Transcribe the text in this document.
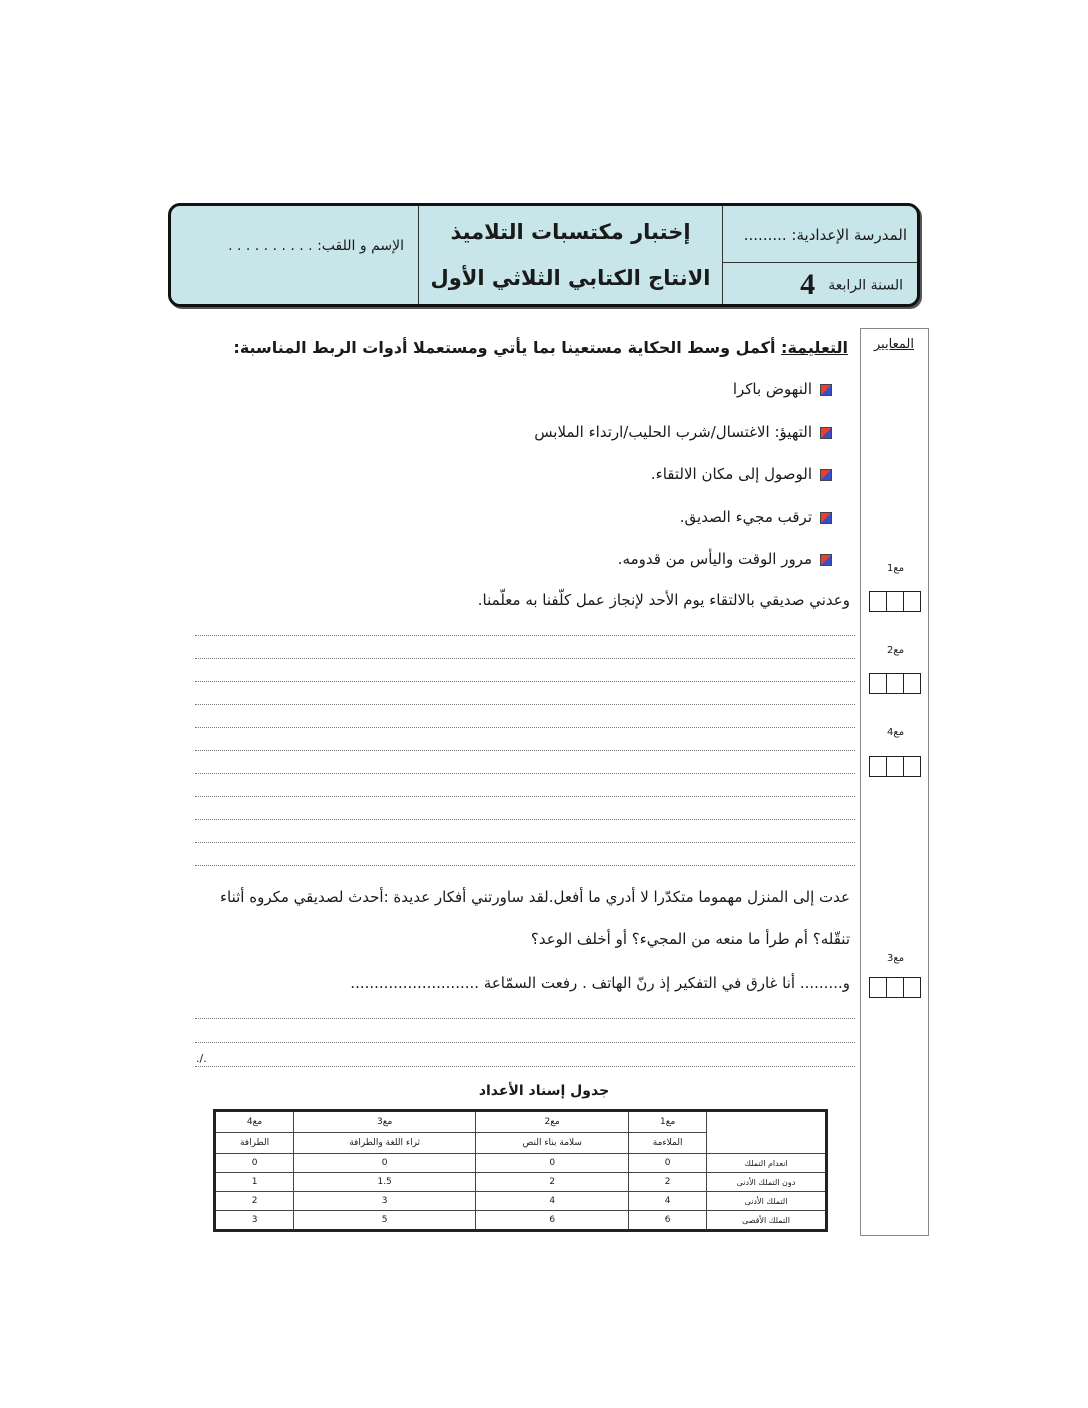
الإسم و اللقب: . . . . . . . . . .
إختبار مكتسبات التلاميذ
الانتاج الكتابي الثلاثي الأول
المدرسة الإعدادية: .........
السنة الرابعة 4
المعايير
مع1
مع2
مع4
مع3
التعليمة: أكمل وسط الحكاية مستعينا بما يأتي ومستعملا أدوات الربط المناسبة:
النهوض باكرا
التهيؤ: الاغتسال/شرب الحليب/ارتداء الملابس
الوصول إلى مكان الالتقاء.
ترقب مجيء الصديق.
مرور الوقت واليأس من قدومه.
وعدني صديقي بالالتقاء يوم الأحد لإنجاز عمل كلّفنا به معلّمنا.
عدت إلى المنزل مهموما متكدّرا لا أدري ما أفعل.لقد ساورتني أفكار عديدة :أحدث لصديقي مكروه أثناء
تنقّله؟ أم طرأ ما منعه من المجيء؟ أو أخلف الوعد؟
و......... أنا غارق في التفكير إذ رنّ الهاتف . رفعت السمّاعة ...........................
./.
جدول إسناد الأعداد
	مع1	مع2	مع3	مع4
	الملاءمة	سلامة بناء النص	ثراء اللغة والطرافة	الطرافة
انعدام التملك	0	0	0	0
دون التملك الأدنى	2	2	1.5	1
التملك الأدنى	4	4	3	2
التملك الأقصى	6	6	5	3
